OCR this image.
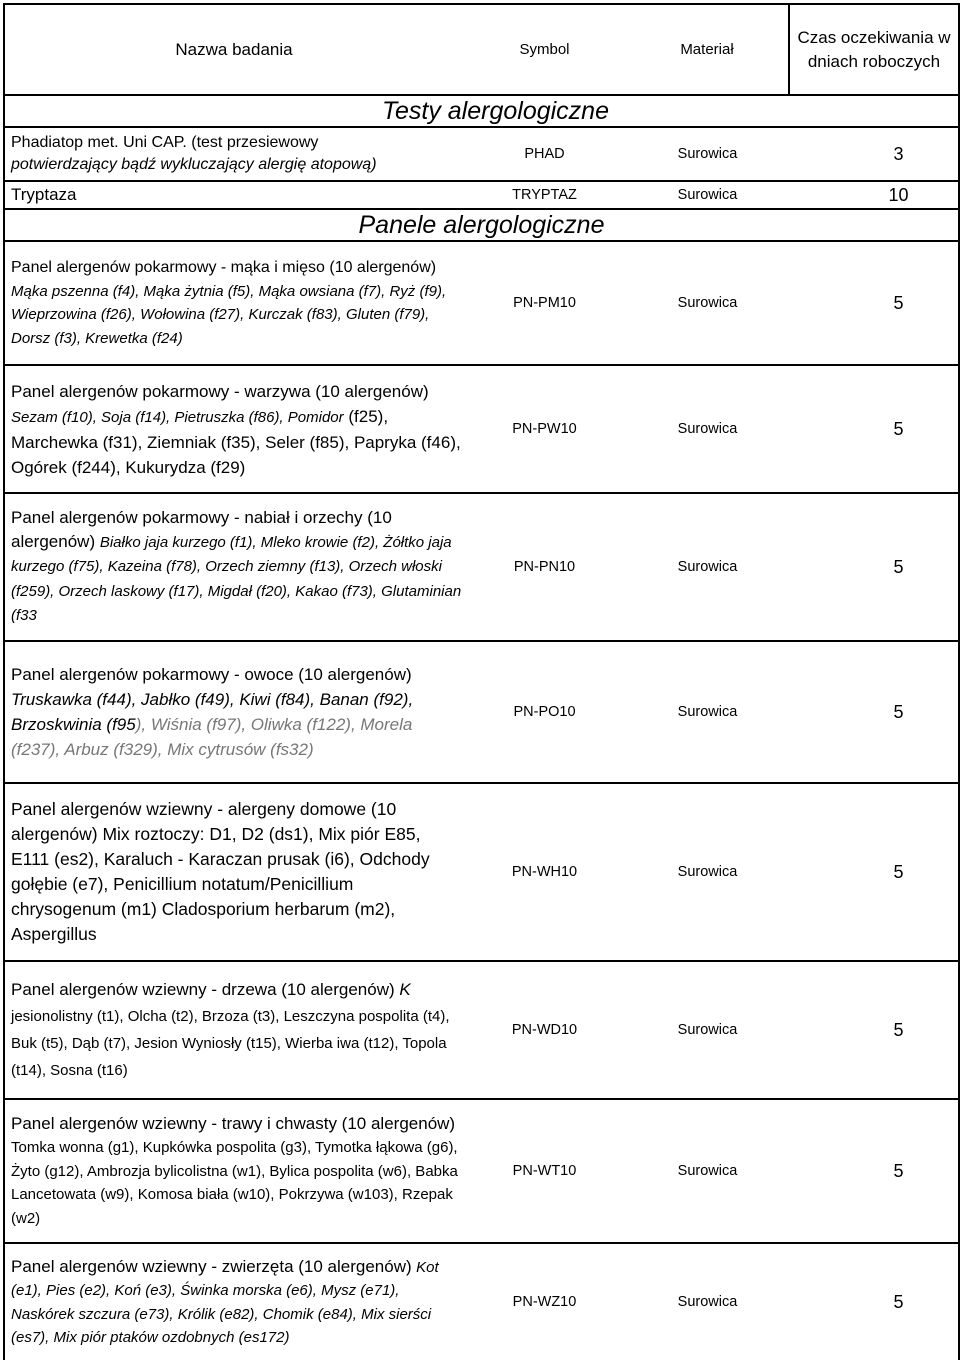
Nazwa badania	Symbol	Materiał	Czas oczekiwania w dniach roboczych
Testy alergologiczne			
Phadiatop met. Uni CAP. (test przesiewowy
potwierdzający bądź wykluczający alergię atopową)	PHAD	Surowica	3
Tryptaza	TRYPTAZ	Surowica	10
Panele alergologiczne			
Panel alergenów pokarmowy - mąka i mięso (10 alergenów) Mąka pszenna (f4), Mąka żytnia (f5), Mąka owsiana (f7), Ryż (f9), Wieprzowina (f26), Wołowina (f27), Kurczak (f83), Gluten (f79), Dorsz (f3), Krewetka (f24)	PN-PM10	Surowica	5
Panel alergenów pokarmowy - warzywa (10 alergenów) Sezam (f10), Soja (f14), Pietruszka (f86), Pomidor (f25), Marchewka (f31), Ziemniak (f35), Seler (f85), Papryka (f46), Ogórek (f244), Kukurydza (f29)	PN-PW10	Surowica	5
Panel alergenów pokarmowy - nabiał i orzechy (10 alergenów) Białko jaja kurzego (f1), Mleko krowie (f2), Żółtko jaja kurzego (f75), Kazeina (f78), Orzech ziemny (f13), Orzech włoski (f259), Orzech laskowy (f17), Migdał (f20), Kakao (f73), Glutaminian (f33	PN-PN10	Surowica	5
Panel alergenów pokarmowy - owoce (10 alergenów) Truskawka (f44), Jabłko (f49), Kiwi (f84), Banan (f92), Brzoskwinia (f95), Wiśnia (f97), Oliwka (f122), Morela (f237), Arbuz (f329), Mix cytrusów (fs32)	PN-PO10	Surowica	5
Panel alergenów wziewny - alergeny domowe (10 alergenów) Mix roztoczy: D1, D2 (ds1), Mix piór E85, E111 (es2), Karaluch - Karaczan prusak (i6), Odchody gołębie (e7), Penicillium notatum/Penicillium chrysogenum (m1) Cladosporium herbarum (m2), Aspergillus	PN-WH10	Surowica	5
Panel alergenów wziewny - drzewa (10 alergenów) K     jesionolistny (t1), Olcha (t2), Brzoza (t3), Leszczyna pospolita (t4), Buk (t5), Dąb (t7), Jesion Wyniosły (t15), Wierba iwa (t12), Topola (t14), Sosna (t16)	PN-WD10	Surowica	5
Panel alergenów wziewny - trawy i chwasty (10 alergenów) Tomka wonna (g1), Kupkówka pospolita (g3), Tymotka łąkowa (g6), Żyto (g12), Ambrozja bylicolistna (w1), Bylica pospolita (w6), Babka Lancetowata (w9), Komosa biała (w10), Pokrzywa (w103), Rzepak (w2)	PN-WT10	Surowica	5
Panel alergenów wziewny - zwierzęta (10 alergenów) Kot (e1), Pies (e2), Koń (e3), Świnka morska (e6), Mysz (e71), Naskórek szczura (e73), Królik (e82), Chomik (e84), Mix sierści (es7), Mix piór ptaków ozdobnych (es172)	PN-WZ10	Surowica	5
